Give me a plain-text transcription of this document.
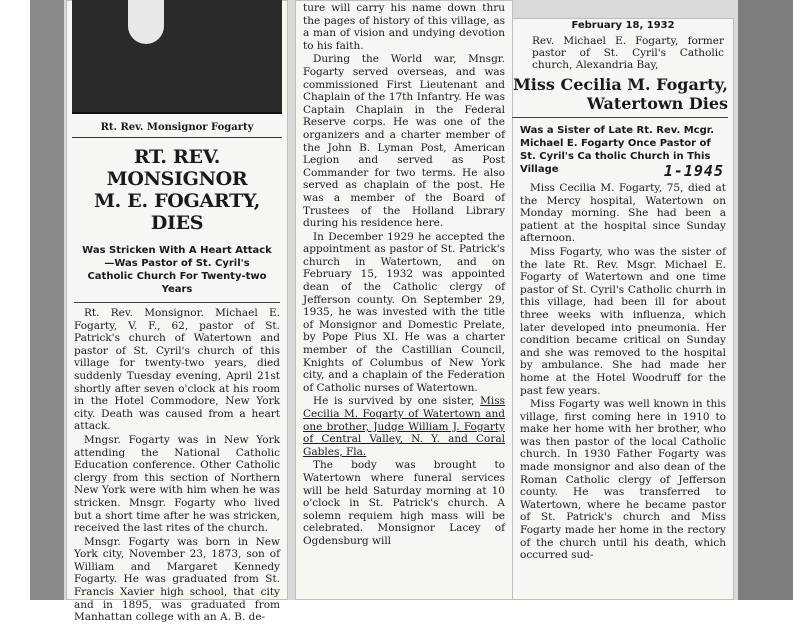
Rt. Rev. Monsignor Fogarty
RT. REV. MONSIGNOR
M. E. FOGARTY, DIES
Was Stricken With A Heart Attack—Was Pastor of St. Cyril's Catholic Church For Twenty-two Years

Rt. Rev. Monsignor. Michael E. Fogarty, V. F., 62, pastor of St. Patrick's church of Watertown and pastor of St. Cyril's church of this village for twenty-two years, died suddenly Tuesday evening, April 21st shortly after seven o'clock at his room in the Hotel Commodore, New York city. Death was caused from a heart attack.

Mngsr. Fogarty was in New York attending the National Catholic Education conference. Other Catholic clergy from this section of Northern New York were with him when he was stricken. Mnsgr. Fogarty who lived but a short time after he was stricken, received the last rites of the church.

Mnsgr. Fogarty was born in New York city, November 23, 1873, son of William and Margaret Kennedy Fogarty. He was graduated from St. Francis Xavier high school, that city and in 1895, was graduated from Manhattan college with an A. B. de-

ture will carry his name down thru the pages of history of this village, as a man of vision and undying devotion to his faith.

During the World war, Mnsgr. Fogarty served overseas, and was commissioned First Lieutenant and Chaplain of the 17th Infantry. He was Captain Chaplain in the Federal Reserve corps. He was one of the organizers and a charter member of the John B. Lyman Post, American Legion and served as Post Commander for two terms. He also served as chaplain of the post. He was a member of the Board of Trustees of the Holland Library during his residence here.

In December 1929 he accepted the appointment as pastor of St. Patrick's church in Watertown, and on February 15, 1932 was appointed dean of the Catholic clergy of Jefferson county. On September 29, 1935, he was invested with the title of Monsignor and Domestic Prelate, by Pope Pius XI. He was a charter member of the Castillian Council, Knights of Columbus of New York city, and a chaplain of the Federation of Catholic nurses of Watertown.

He is survived by one sister, Miss Cecilia M. Fogarty of Watertown and one brother, Judge William J. Fogarty of Central Valley, N. Y. and Coral Gables, Fla.

The body was brought to Watertown where funeral services will be held Saturday morning at 10 o'clock in St. Patrick's church. A solemn requiem high mass will be celebrated. Monsignor Lacey of Ogdensburg will

February 18, 1932
Rev. Michael E. Fogarty, former pastor of St. Cyril's Catholic church, Alexandria Bay,
Miss Cecilia M. Fogarty,
Watertown Dies
Was a Sister of Late Rt. Rev. Mcgr. Michael E. Fogarty Once Pastor of St. Cyril's Ca tholic Church in This Village	1-1945

Miss Cecilia M. Fogarty, 75, died at the Mercy hospital, Watertown on Monday morning. She had been a patient at the hospital since Sunday afternoon.

Miss Fogarty, who was the sister of the late Rt. Rev. Msgr. Michael E. Fogarty of Watertown and one time pastor of St. Cyril's Catholic churrh in this village, had been ill for about three weeks with influenza, which later developed into pneumonia. Her condition became critical on Sunday and she was removed to the hospital by ambulance. She had made her home at the Hotel Woodruff for the past few years.

Miss Fogarty was well known in this village, first coming here in 1910 to make her home with her brother, who was then pastor of the local Catholic church. In 1930 Father Fogarty was made monsignor and also dean of the Roman Catholic clergy of Jefferson county. He was transferred to Watertown, where he became pastor of St. Patrick's church and Miss Fogarty made her home in the rectory of the church until his death, which occurred sud-
